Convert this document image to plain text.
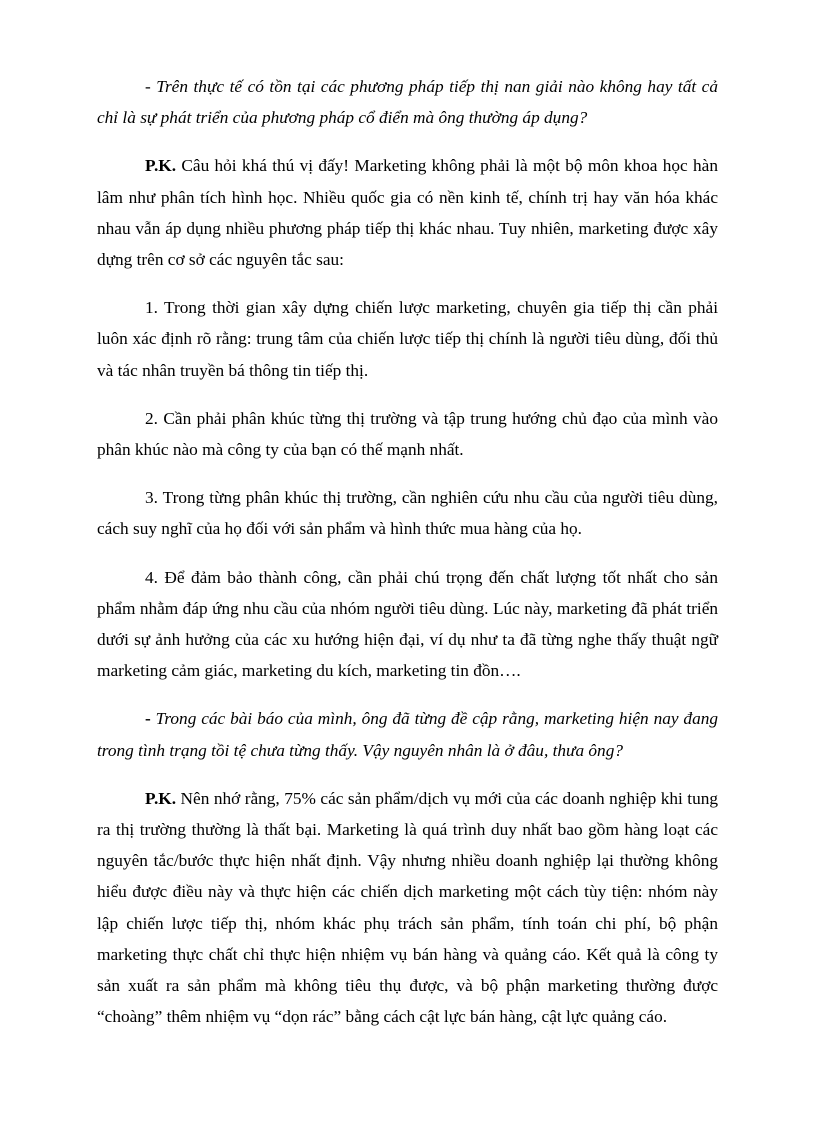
- Trên thực tế có tồn tại các phương pháp tiếp thị nan giải nào không hay tất cả chỉ là sự phát triển của phương pháp cổ điển mà ông thường áp dụng?

P.K. Câu hỏi khá thú vị đấy! Marketing không phải là một bộ môn khoa học hàn lâm như phân tích hình học. Nhiều quốc gia có nền kinh tế, chính trị hay văn hóa khác nhau vẫn áp dụng nhiều phương pháp tiếp thị khác nhau. Tuy nhiên, marketing được xây dựng trên cơ sở các nguyên tắc sau:

1. Trong thời gian xây dựng chiến lược marketing, chuyên gia tiếp thị cần phải luôn xác định rõ rằng: trung tâm của chiến lược tiếp thị chính là người tiêu dùng, đối thủ và tác nhân truyền bá thông tin tiếp thị.

2. Cần phải phân khúc từng thị trường và tập trung hướng chủ đạo của mình vào phân khúc nào mà công ty của bạn có thế mạnh nhất.

3. Trong từng phân khúc thị trường, cần nghiên cứu nhu cầu của người tiêu dùng, cách suy nghĩ của họ đối với sản phẩm và hình thức mua hàng của họ.

4. Để đảm bảo thành công, cần phải chú trọng đến chất lượng tốt nhất cho sản phẩm nhằm đáp ứng nhu cầu của nhóm người tiêu dùng. Lúc này, marketing đã phát triển dưới sự ảnh hưởng của các xu hướng hiện đại, ví dụ như ta đã từng nghe thấy thuật ngữ marketing cảm giác, marketing du kích, marketing tin đồn….

- Trong các bài báo của mình, ông đã từng đề cập rằng, marketing hiện nay đang trong tình trạng tồi tệ chưa từng thấy. Vậy nguyên nhân là ở đâu, thưa ông?

P.K. Nên nhớ rằng, 75% các sản phẩm/dịch vụ mới của các doanh nghiệp khi tung ra thị trường thường là thất bại. Marketing là quá trình duy nhất bao gồm hàng loạt các nguyên tắc/bước thực hiện nhất định. Vậy nhưng nhiều doanh nghiệp lại thường không hiểu được điều này và thực hiện các chiến dịch marketing một cách tùy tiện: nhóm này lập chiến lược tiếp thị, nhóm khác phụ trách sản phẩm, tính toán chi phí, bộ phận marketing thực chất chỉ thực hiện nhiệm vụ bán hàng và quảng cáo. Kết quả là công ty sản xuất ra sản phẩm mà không tiêu thụ được, và bộ phận marketing thường được “choàng” thêm nhiệm vụ “dọn rác” bằng cách cật lực bán hàng, cật lực quảng cáo.
